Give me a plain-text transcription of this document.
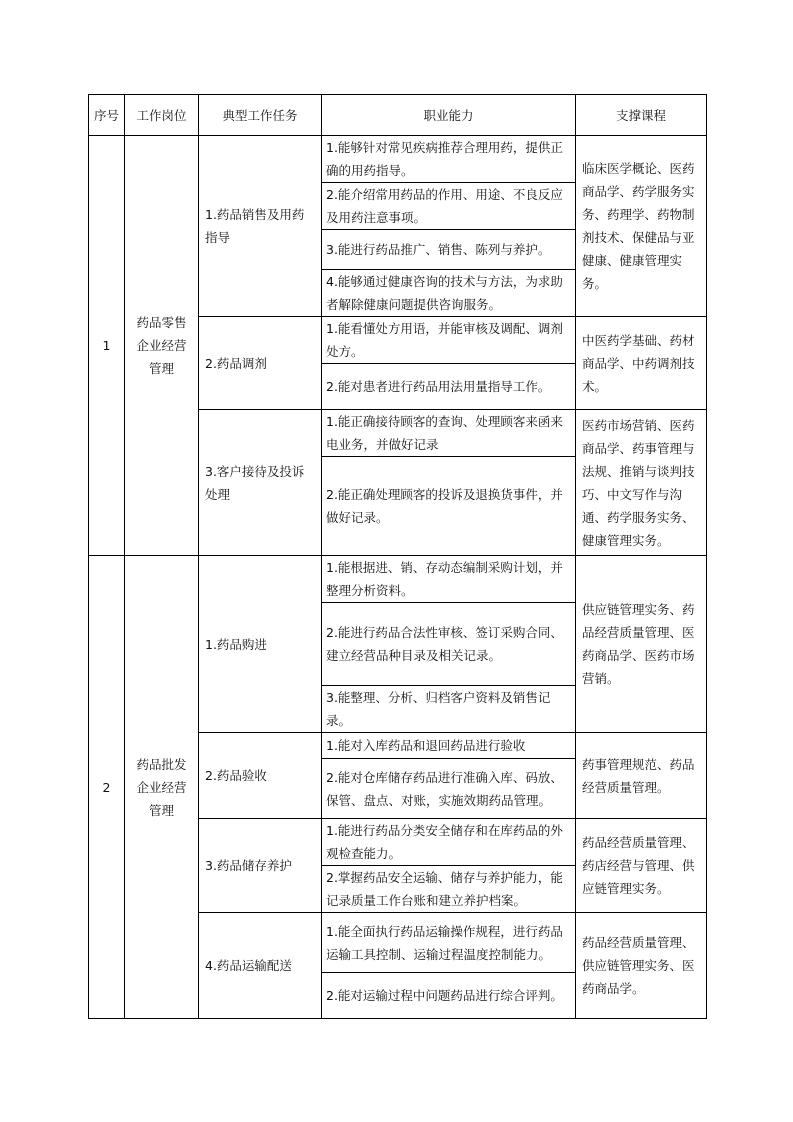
序号	工作岗位	典型工作任务	职业能力	支撑课程
1	药品零售企业经营管理	1.药品销售及用药指导	1.能够针对常见疾病推荐合理用药，提供正确的用药指导。	临床医学概论、医药商品学、药学服务实务、药理学、药物制剂技术、保健品与亚健康、健康管理实务。
			2.能介绍常用药品的作用、用途、不良反应及用药注意事项。	
			3.能进行药品推广、销售、陈列与养护。	
			4.能够通过健康咨询的技术与方法，为求助者解除健康问题提供咨询服务。	
		2.药品调剂	1.能看懂处方用语，并能审核及调配、调剂处方。	中医药学基础、药材商品学、中药调剂技术。
			2.能对患者进行药品用法用量指导工作。	
		3.客户接待及投诉处理	1.能正确接待顾客的查询、处理顾客来函来电业务，并做好记录	医药市场营销、医药商品学、药事管理与法规、推销与谈判技巧、中文写作与沟通、药学服务实务、健康管理实务。
			2.能正确处理顾客的投诉及退换货事件，并做好记录。	
2	药品批发企业经营管理	1.药品购进	1.能根据进、销、存动态编制采购计划，并整理分析资料。	供应链管理实务、药品经营质量管理、医药商品学、医药市场营销。
			2.能进行药品合法性审核、签订采购合同、建立经营品种目录及相关记录。	
			3.能整理、分析、归档客户资料及销售记录。	
		2.药品验收	1.能对入库药品和退回药品进行验收	药事管理规范、药品经营质量管理。
			2.能对仓库储存药品进行准确入库、码放、保管、盘点、对账，实施效期药品管理。	
		3.药品储存养护	1.能进行药品分类安全储存和在库药品的外观检查能力。	药品经营质量管理、药店经营与管理、供应链管理实务。
			2.掌握药品安全运输、储存与养护能力，能记录质量工作台账和建立养护档案。	
		4.药品运输配送	1.能全面执行药品运输操作规程，进行药品运输工具控制、运输过程温度控制能力。	药品经营质量管理、供应链管理实务、医药商品学。
			2.能对运输过程中问题药品进行综合评判。	
